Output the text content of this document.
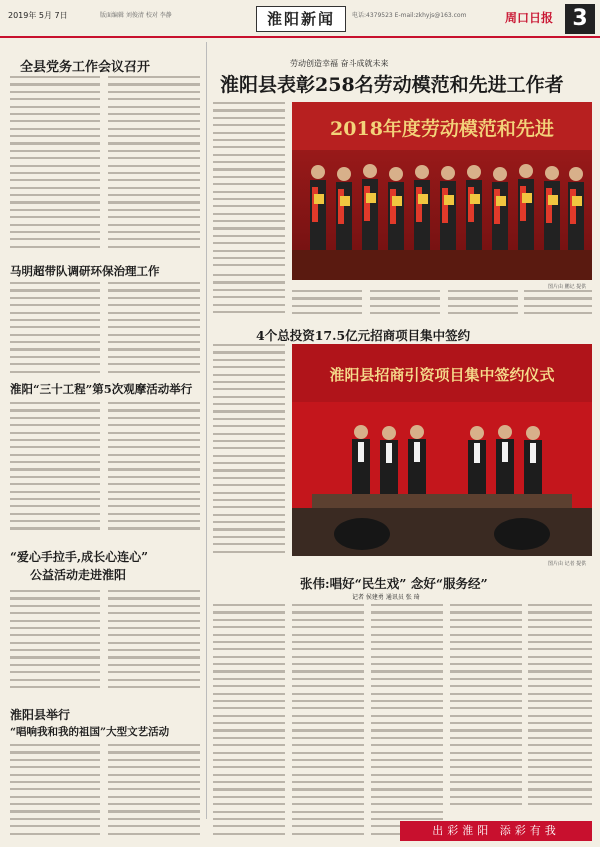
2019年 5月 7日	版面编辑 刘俊清 校对 李静	淮阳新闻	电话:4379523 E-mail:zkhyjs@163.com	周口日报 3
全县党务工作会议召开
马明超带队调研环保治理工作
淮阳“三十工程”第5次观摩活动举行
“爱心手拉手,成长心连心”
公益活动走进淮阳
淮阳县举行
“唱响我和我的祖国”大型文艺活动
劳动创造幸福 奋斗成就未来
淮阳县表彰258名劳动模范和先进工作者
2018年度劳动模范和先进
图片由 鹏记 提供
4个总投资17.5亿元招商项目集中签约
淮阳县招商引资项目集中签约仪式
图片由 记者 提供
张伟:唱好“民生戏” 念好“服务经”
记者 侯建勇 通讯员 张 琦
出彩淮阳 添彩有我
